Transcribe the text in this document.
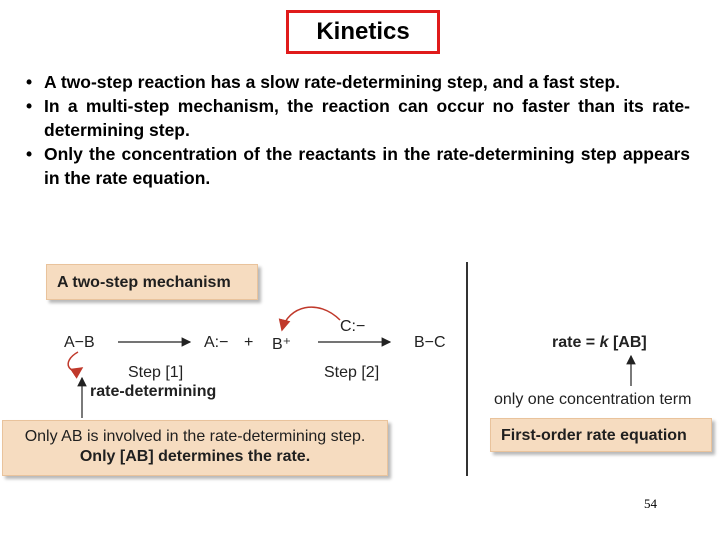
Kinetics
• A two-step reaction has a slow rate-determining step, and a fast step.
• In a multi-step mechanism, the reaction can occur no faster than its rate-determining step.
• Only the concentration of the reactants in the rate-determining step appears in the rate equation.
A two-step mechanism
A−B	A:− + B⁺
C:−
B−C
Step [1]	Step [2]
rate-determining
Only AB is involved in the rate-determining step.
Only [AB] determines the rate.
rate = k [AB]
only one concentration term
First-order rate equation
54
